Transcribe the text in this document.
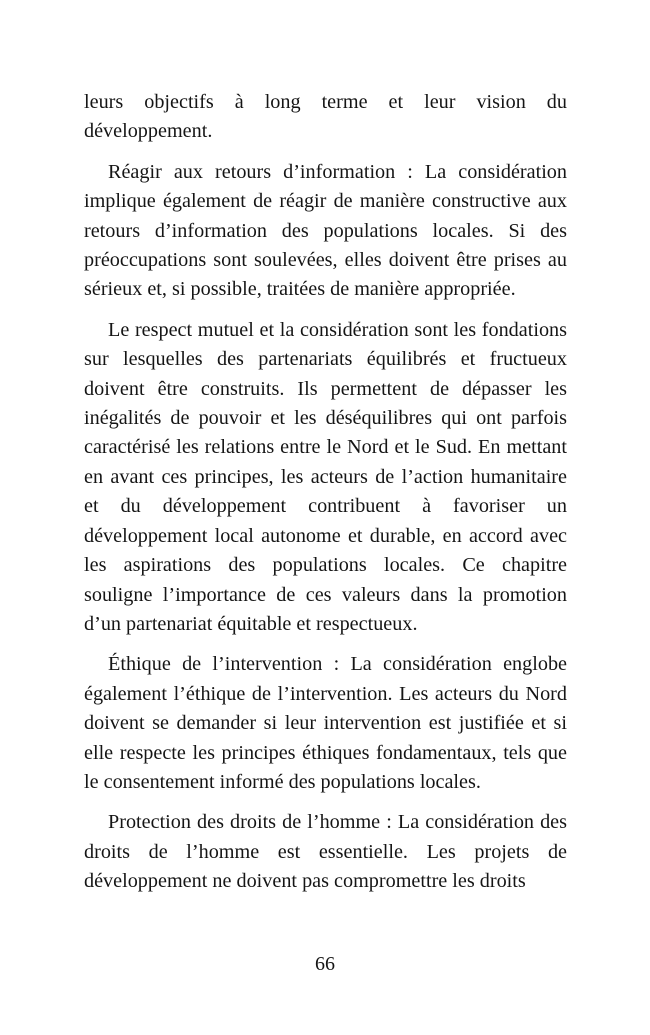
leurs objectifs à long terme et leur vision du développement.

Réagir aux retours d’information : La considération implique également de réagir de manière constructive aux retours d’information des populations locales. Si des préoccupations sont soulevées, elles doivent être prises au sérieux et, si possible, traitées de manière appropriée.

Le respect mutuel et la considération sont les fondations sur lesquelles des partenariats équilibrés et fructueux doivent être construits. Ils permettent de dépasser les inégalités de pouvoir et les déséquilibres qui ont parfois caractérisé les relations entre le Nord et le Sud. En mettant en avant ces principes, les acteurs de l’action humanitaire et du développement contribuent à favoriser un développement local autonome et durable, en accord avec les aspirations des populations locales. Ce chapitre souligne l’importance de ces valeurs dans la promotion d’un partenariat équitable et respectueux.

Éthique de l’intervention : La considération englobe également l’éthique de l’intervention. Les acteurs du Nord doivent se demander si leur intervention est justifiée et si elle respecte les principes éthiques fondamentaux, tels que le consentement informé des populations locales.

Protection des droits de l’homme : La considération des droits de l’homme est essentielle. Les projets de développement ne doivent pas compromettre les droits

66
